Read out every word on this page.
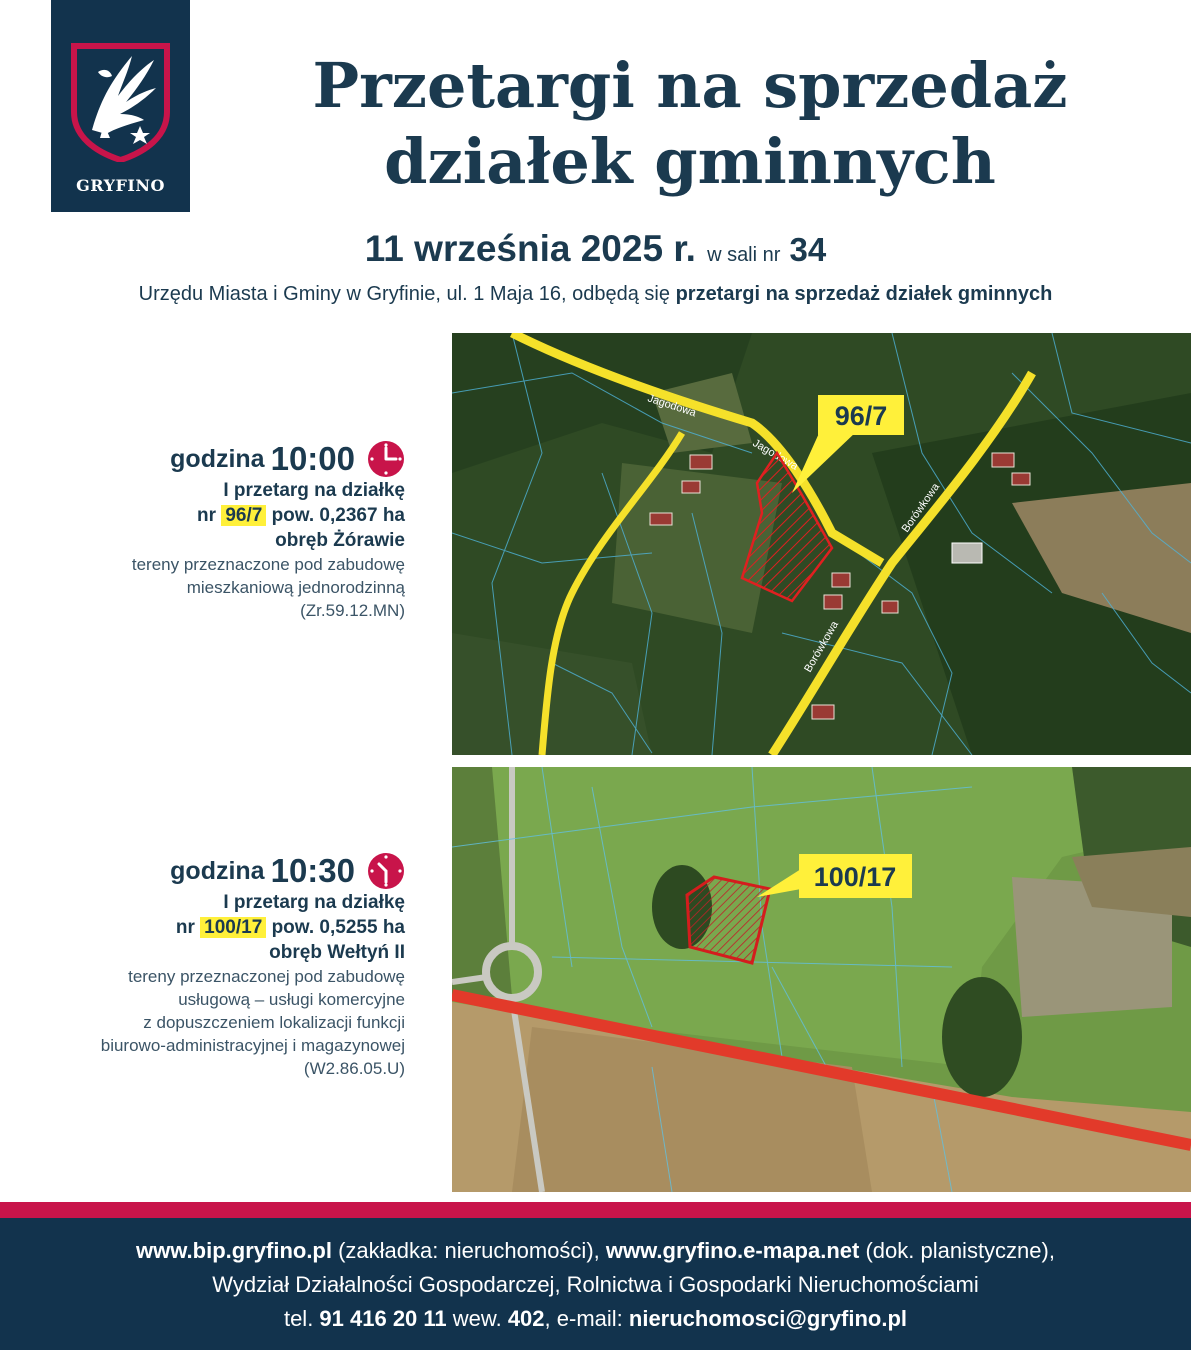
GRYFINO
Przetargi na sprzedaż
działek gminnych
11 września 2025 r. w sali nr 34
Urzędu Miasta i Gminy w Gryfinie, ul. 1 Maja 16, odbędą się przetargi na sprzedaż działek gminnych
Jagodowa
Borówkowa
Borówkowa
96/7
100/17
godzina 10:00
I przetarg na działkę
nr 96/7 pow. 0,2367 ha
obręb Żórawie
tereny przeznaczone pod zabudowę
mieszkaniową jednorodzinną
(Zr.59.12.MN)
godzina 10:30
I przetarg na działkę
nr 100/17 pow. 0,5255 ha
obręb Wełtyń II
tereny przeznaczonej pod zabudowę
usługową – usługi komercyjne
z dopuszczeniem lokalizacji funkcji
biurowo-administracyjnej i magazynowej
(W2.86.05.U)
www.bip.gryfino.pl (zakładka: nieruchomości), www.gryfino.e-mapa.net (dok. planistyczne),
Wydział Działalności Gospodarczej, Rolnictwa i Gospodarki Nieruchomościami
tel. 91 416 20 11 wew. 402, e-mail: nieruchomosci@gryfino.pl
